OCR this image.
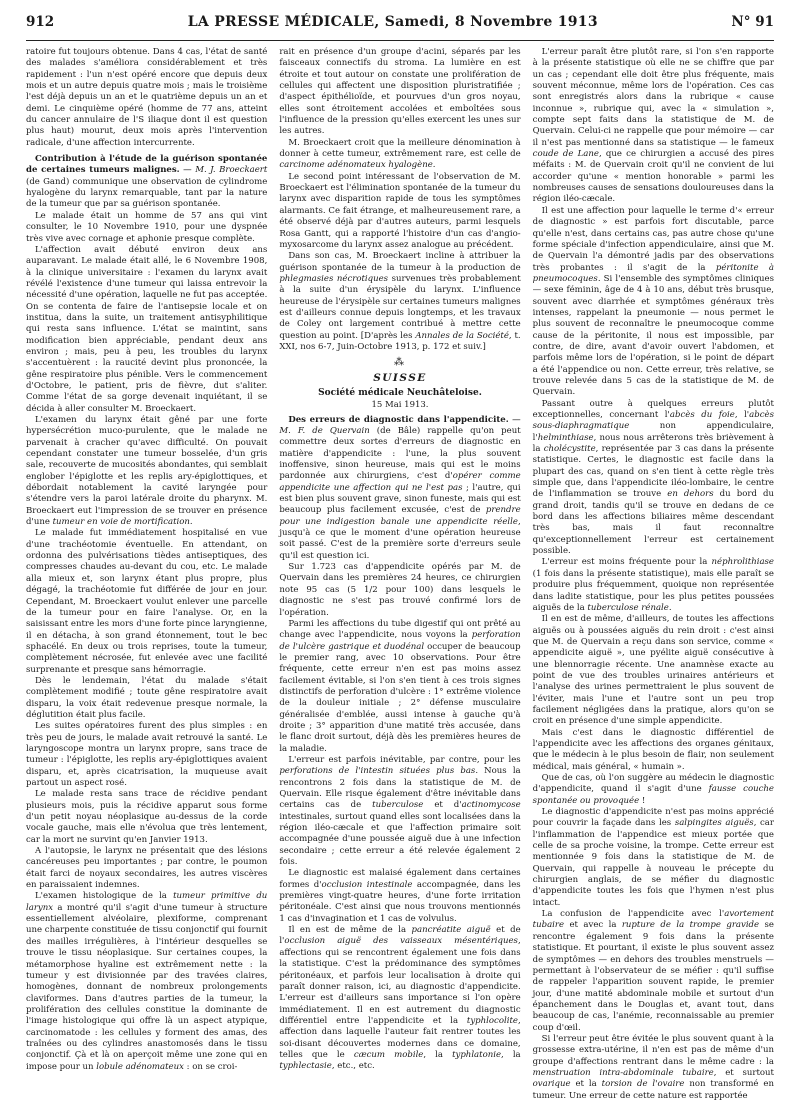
912	LA PRESSE MÉDICALE, Samedi, 8 Novembre 1913	N° 91

ratoire fut toujours obtenue. Dans 4 cas, l'état de santé des malades s'améliora considérablement et très rapidement : l'un n'est opéré encore que depuis deux mois et un autre depuis quatre mois ; mais le troisième l'est déjà depuis un an et le quatrième depuis un an et demi. Le cinquième opéré (homme de 77 ans, atteint du cancer annulaire de l'S iliaque dont il est question plus haut) mourut, deux mois après l'intervention radicale, d'une affection intercurrente.

Contribution à l'étude de la guérison spontanée de certaines tumeurs malignes. — M. J. Broeckaert (de Gand) communique une observation de cylindrome hyalogène du larynx remarquable, tant par la nature de la tumeur que par sa guérison spontanée.

Le malade était un homme de 57 ans qui vint consulter, le 10 Novembre 1910, pour une dyspnée très vive avec cornage et aphonie presque complète.

L'affection avait débuté environ deux ans auparavant. Le malade était allé, le 6 Novembre 1908, à la clinique universitaire : l'examen du larynx avait révélé l'existence d'une tumeur qui laissa entrevoir la nécessité d'une opération, laquelle ne fut pas acceptée. On se contenta de faire de l'antisepsie locale et on institua, dans la suite, un traitement antisyphilitique qui resta sans influence. L'état se maintint, sans modification bien appréciable, pendant deux ans environ ; mais, peu à peu, les troubles du larynx s'accentuèrent : la raucité devint plus prononcée, la gêne respiratoire plus pénible. Vers le commencement d'Octobre, le patient, pris de fièvre, dut s'aliter. Comme l'état de sa gorge devenait inquiétant, il se décida à aller consulter M. Broeckaert.

L'examen du larynx était gêné par une forte hypersécrétion muco-purulente, que le malade ne parvenait à cracher qu'avec difficulté. On pouvait cependant constater une tumeur bosselée, d'un gris sale, recouverte de mucosités abondantes, qui semblait englober l'épiglotte et les replis ary-épiglottiques, et débordait notablement la cavité laryngée pour s'étendre vers la paroi latérale droite du pharynx. M. Broeckaert eut l'impression de se trouver en présence d'une tumeur en voie de mortification.

Le malade fut immédiatement hospitalisé en vue d'une trachéotomie éventuelle. En attendant, on ordonna des pulvérisations tièdes antiseptiques, des compresses chaudes au-devant du cou, etc. Le malade alla mieux et, son larynx étant plus propre, plus dégagé, la trachéotomie fut différée de jour en jour. Cependant, M. Broeckaert voulut enlever une parcelle de la tumeur pour en faire l'analyse. Or, en la saisissant entre les mors d'une forte pince laryngienne, il en détacha, à son grand étonnement, tout le bec sphacélé. En deux ou trois reprises, toute la tumeur, complètement nécrosée, fut enlevée avec une facilité surprenante et presque sans hémorragie.

Dès le lendemain, l'état du malade s'était complètement modifié ; toute gêne respiratoire avait disparu, la voix était redevenue presque normale, la déglutition était plus facile.

Les suites opératoires furent des plus simples : en très peu de jours, le malade avait retrouvé la santé. Le laryngoscope montra un larynx propre, sans trace de tumeur : l'épiglotte, les replis ary-épiglottiques avaient disparu, et, après cicatrisation, la muqueuse avait partout un aspect rosé.

Le malade resta sans trace de récidive pendant plusieurs mois, puis la récidive apparut sous forme d'un petit noyau néoplasique au-dessus de la corde vocale gauche, mais elle n'évolua que très lentement, car la mort ne survint qu'en Janvier 1913.

A l'autopsie, le larynx ne présentait que des lésions cancéreuses peu importantes ; par contre, le poumon était farci de noyaux secondaires, les autres viscères en paraissaient indemnes.

L'examen histologique de la tumeur primitive du larynx a montré qu'il s'agit d'une tumeur à structure essentiellement alvéolaire, plexiforme, comprenant une charpente constituée de tissu conjonctif qui fournit des mailles irrégulières, à l'intérieur desquelles se trouve le tissu néoplasique. Sur certaines coupes, la métamorphose hyaline est extrêmement nette : la tumeur y est divisionnée par des travées claires, homogènes, donnant de nombreux prolongements claviformes. Dans d'autres parties de la tumeur, la prolifération des cellules constitue la dominante de l'image histologique qui offre là un aspect atypique, carcinomatode : les cellules y forment des amas, des traînées ou des cylindres anastomosés dans le tissu conjonctif. Çà et là on aperçoit même une zone qui en impose pour un lobule adénomateux : on se croi-

rait en présence d'un groupe d'acini, séparés par les faisceaux connectifs du stroma. La lumière en est étroite et tout autour on constate une prolifération de cellules qui affectent une disposition pluristratifiée ; d'aspect épithélioïde, et pourvues d'un gros noyau, elles sont étroitement accolées et emboîtées sous l'influence de la pression qu'elles exercent les unes sur les autres.

M. Broeckaert croit que la meilleure dénomination à donner à cette tumeur, extrêmement rare, est celle de carcinome adénomateux hyalogène.

Le second point intéressant de l'observation de M. Broeckaert est l'élimination spontanée de la tumeur du larynx avec disparition rapide de tous les symptômes alarmants. Ce fait étrange, et malheureusement rare, a été observé déjà par d'autres auteurs, parmi lesquels Rosa Gantt, qui a rapporté l'histoire d'un cas d'angio-myxosarcome du larynx assez analogue au précédent.

Dans son cas, M. Broeckaert incline à attribuer la guérison spontanée de la tumeur à la production de phlegmasies nécrotiques survenues très probablement à la suite d'un érysipèle du larynx. L'influence heureuse de l'érysipèle sur certaines tumeurs malignes est d'ailleurs connue depuis longtemps, et les travaux de Coley ont largement contribué à mettre cette question au point. [D'après les Annales de la Société, t. XXI, nos 6-7, Juin-Octobre 1913, p. 172 et suiv.]

⁂
SUISSE
Société médicale Neuchâteloise.
15 Mai 1913.

Des erreurs de diagnostic dans l'appendicite. — M. F. de Quervain (de Bâle) rappelle qu'on peut commettre deux sortes d'erreurs de diagnostic en matière d'appendicite : l'une, la plus souvent inoffensive, sinon heureuse, mais qui est le moins pardonnée aux chirurgiens, c'est d'opérer comme appendicite une affection qui ne l'est pas ; l'autre, qui est bien plus souvent grave, sinon funeste, mais qui est beaucoup plus facilement excusée, c'est de prendre pour une indigestion banale une appendicite réelle, jusqu'à ce que le moment d'une opération heureuse soit passé. C'est de la première sorte d'erreurs seule qu'il est question ici.

Sur 1.723 cas d'appendicite opérés par M. de Quervain dans les premières 24 heures, ce chirurgien note 95 cas (5 1/2 pour 100) dans lesquels le diagnostic ne s'est pas trouvé confirmé lors de l'opération.

Parmi les affections du tube digestif qui ont prêté au change avec l'appendicite, nous voyons la perforation de l'ulcère gastrique et duodénal occuper de beaucoup le premier rang, avec 10 observations. Pour être fréquente, cette erreur n'en est pas moins assez facilement évitable, si l'on s'en tient à ces trois signes distinctifs de perforation d'ulcère : 1° extrême violence de la douleur initiale ; 2° défense musculaire généralisée d'emblée, aussi intense à gauche qu'à droite ; 3° apparition d'une matité très accusée, dans le flanc droit surtout, déjà dès les premières heures de la maladie.

L'erreur est parfois inévitable, par contre, pour les perforations de l'intestin situées plus bas. Nous la rencontrons 2 fois dans la statistique de M. de Quervain. Elle risque également d'être inévitable dans certains cas de tuberculose et d'actinomycose intestinales, surtout quand elles sont localisées dans la région iléo-cæcale et que l'affection primaire soit accompagnée d'une poussée aiguë due à une infection secondaire ; cette erreur a été relevée également 2 fois.

Le diagnostic est malaisé également dans certaines formes d'occlusion intestinale accompagnée, dans les premières vingt-quatre heures, d'une forte irritation péritonéale. C'est ainsi que nous trouvons mentionnés 1 cas d'invagination et 1 cas de volvulus.

Il en est de même de la pancréatite aiguë et de l'occlusion aiguë des vaisseaux mésentériques, affections qui se rencontrent également une fois dans la statistique. C'est la prédominance des symptômes péritonéaux, et parfois leur localisation à droite qui paraît donner raison, ici, au diagnostic d'appendicite. L'erreur est d'ailleurs sans importance si l'on opère immédiatement. Il en est autrement du diagnostic différentiel entre l'appendicite et la typhlocolite, affection dans laquelle l'auteur fait rentrer toutes les soi-disant découvertes modernes dans ce domaine, telles que le cæcum mobile, la typhlatonie, la typhlectasie, etc., etc.

L'erreur paraît être plutôt rare, si l'on s'en rapporte à la présente statistique où elle ne se chiffre que par un cas ; cependant elle doit être plus fréquente, mais souvent méconnue, même lors de l'opération. Ces cas sont enregistrés alors dans la rubrique « cause inconnue », rubrique qui, avec la « simulation », compte sept faits dans la statistique de M. de Quervain. Celui-ci ne rappelle que pour mémoire — car il n'est pas mentionné dans sa statistique — le fameux coude de Lane, que ce chirurgien a accusé des pires méfaits : M. de Quervain croit qu'il ne convient de lui accorder qu'une « mention honorable » parmi les nombreuses causes de sensations douloureuses dans la région iléo-cæcale.

Il est une affection pour laquelle le terme d'« erreur de diagnostic » est parfois fort discutable, parce qu'elle n'est, dans certains cas, pas autre chose qu'une forme spéciale d'infection appendiculaire, ainsi que M. de Quervain l'a démontré jadis par des observations très probantes : il s'agit de la péritonite à pneumocoques. Si l'ensemble des symptômes cliniques — sexe féminin, âge de 4 à 10 ans, début très brusque, souvent avec diarrhée et symptômes généraux très intenses, rappelant la pneumonie — nous permet le plus souvent de reconnaître le pneumocoque comme cause de la péritonite, il nous est impossible, par contre, de dire, avant d'avoir ouvert l'abdomen, et parfois même lors de l'opération, si le point de départ a été l'appendice ou non. Cette erreur, très relative, se trouve relevée dans 5 cas de la statistique de M. de Quervain.

Passant outre à quelques erreurs plutôt exceptionnelles, concernant l'abcès du foie, l'abcès sous-diaphragmatique non appendiculaire, l'helminthiase, nous nous arrêterons très brièvement à la cholécystite, représentée par 3 cas dans la présente statistique. Certes, le diagnostic est facile dans la plupart des cas, quand on s'en tient à cette règle très simple que, dans l'appendicite iléo-lombaire, le centre de l'inflammation se trouve en dehors du bord du grand droit, tandis qu'il se trouve en dedans de ce bord dans les affections biliaires même descendant très bas, mais il faut reconnaître qu'exceptionnellement l'erreur est certainement possible.

L'erreur est moins fréquente pour la néphrolithiase (1 fois dans la présente statistique), mais elle paraît se produire plus fréquemment, quoique non représentée dans ladite statistique, pour les plus petites poussées aiguës de la tuberculose rénale.

Il en est de même, d'ailleurs, de toutes les affections aiguës ou à poussées aiguës du rein droit : c'est ainsi que M. de Quervain a reçu dans son service, comme « appendicite aiguë », une pyélite aiguë consécutive à une blennorragie récente. Une anamnèse exacte au point de vue des troubles urinaires antérieurs et l'analyse des urines permettraient le plus souvent de l'éviter, mais l'une et l'autre sont un peu trop facilement négligées dans la pratique, alors qu'on se croit en présence d'une simple appendicite.

Mais c'est dans le diagnostic différentiel de l'appendicite avec les affections des organes génitaux, que le médecin à le plus besoin de flair, non seulement médical, mais général, « humain ».

Que de cas, où l'on suggère au médecin le diagnostic d'appendicite, quand il s'agit d'une fausse couche spontanée ou provoquée !

Le diagnostic d'appendicite n'est pas moins apprécié pour couvrir la façade dans les salpingites aiguës, car l'inflammation de l'appendice est mieux portée que celle de sa proche voisine, la trompe. Cette erreur est mentionnée 9 fois dans la statistique de M. de Quervain, qui rappelle à nouveau le précepte du chirurgien anglais, de se méfier du diagnostic d'appendicite toutes les fois que l'hymen n'est plus intact.

La confusion de l'appendicite avec l'avortement tubaire et avec la rupture de la trompe gravide se rencontre également 9 fois dans la présente statistique. Et pourtant, il existe le plus souvent assez de symptômes — en dehors des troubles menstruels — permettant à l'observateur de se méfier : qu'il suffise de rappeler l'apparition souvent rapide, le premier jour, d'une matité abdominale mobile et surtout d'un épanchement dans le Douglas et, avant tout, dans beaucoup de cas, l'anémie, reconnaissable au premier coup d'œil.

Si l'erreur peut être évitée le plus souvent quant à la grossesse extra-utérine, il n'en est pas de même d'un groupe d'affections rentrant dans le même cadre : la menstruation intra-abdominale tubaire, et surtout ovarique et la torsion de l'ovaire non transformé en tumeur. Une erreur de cette nature est rapportée
